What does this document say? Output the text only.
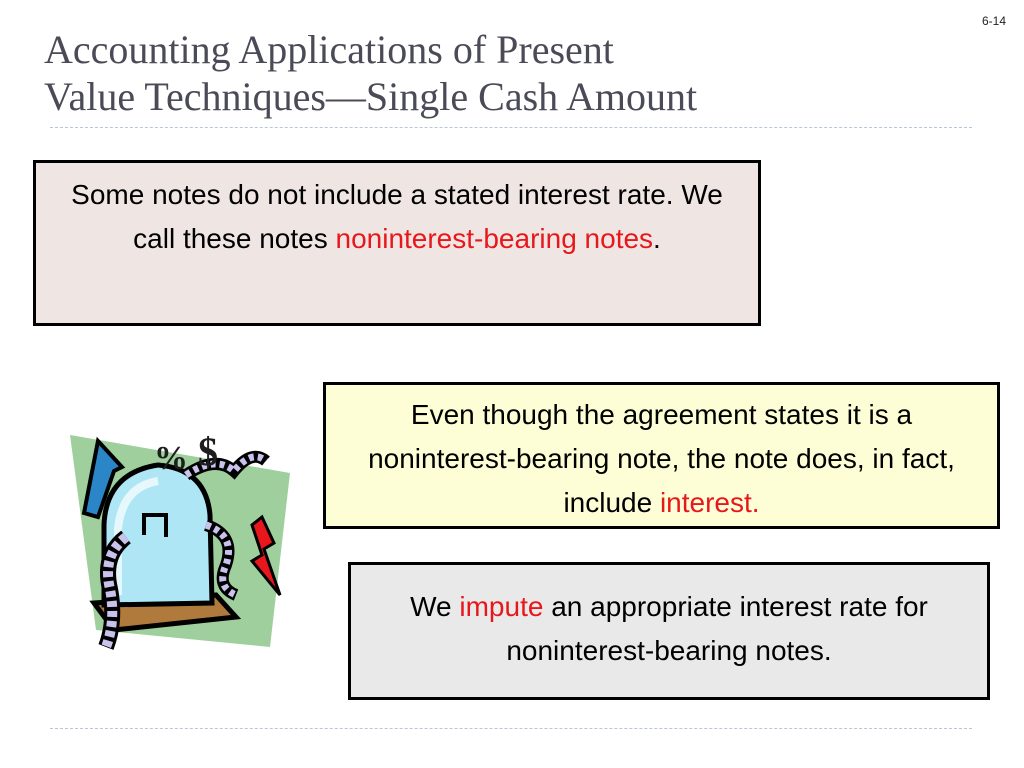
6-14
Accounting Applications of Present
Value Techniques—Single Cash Amount

Some notes do not include a stated interest rate. We call these notes noninterest-bearing notes.

Even though the agreement states it is a noninterest-bearing note, the note does, in fact, include interest.

We impute an appropriate interest rate for noninterest-bearing notes.

% $
